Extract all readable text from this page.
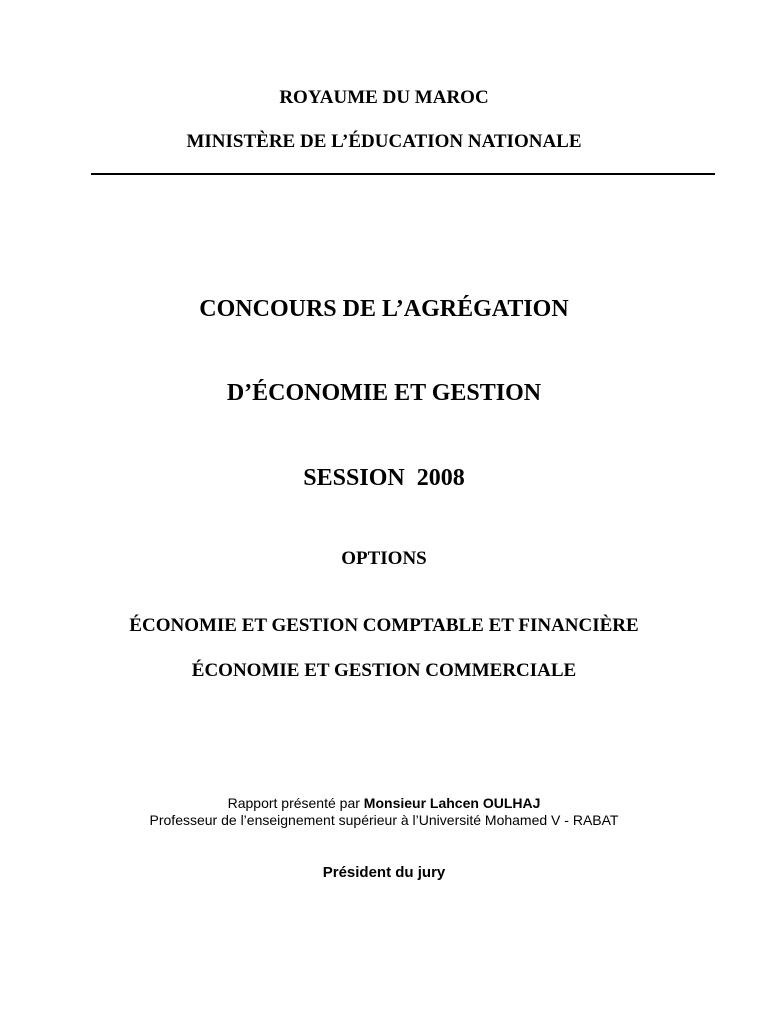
ROYAUME DU MAROC
MINISTÈRE DE L’ÉDUCATION NATIONALE
CONCOURS DE L’AGRÉGATION
D’ÉCONOMIE ET GESTION
SESSION  2008
OPTIONS
ÉCONOMIE ET GESTION COMPTABLE ET FINANCIÈRE
ÉCONOMIE ET GESTION COMMERCIALE
Rapport présenté par Monsieur Lahcen OULHAJ
Professeur de l’enseignement supérieur à l’Université Mohamed V - RABAT
Président du jury
